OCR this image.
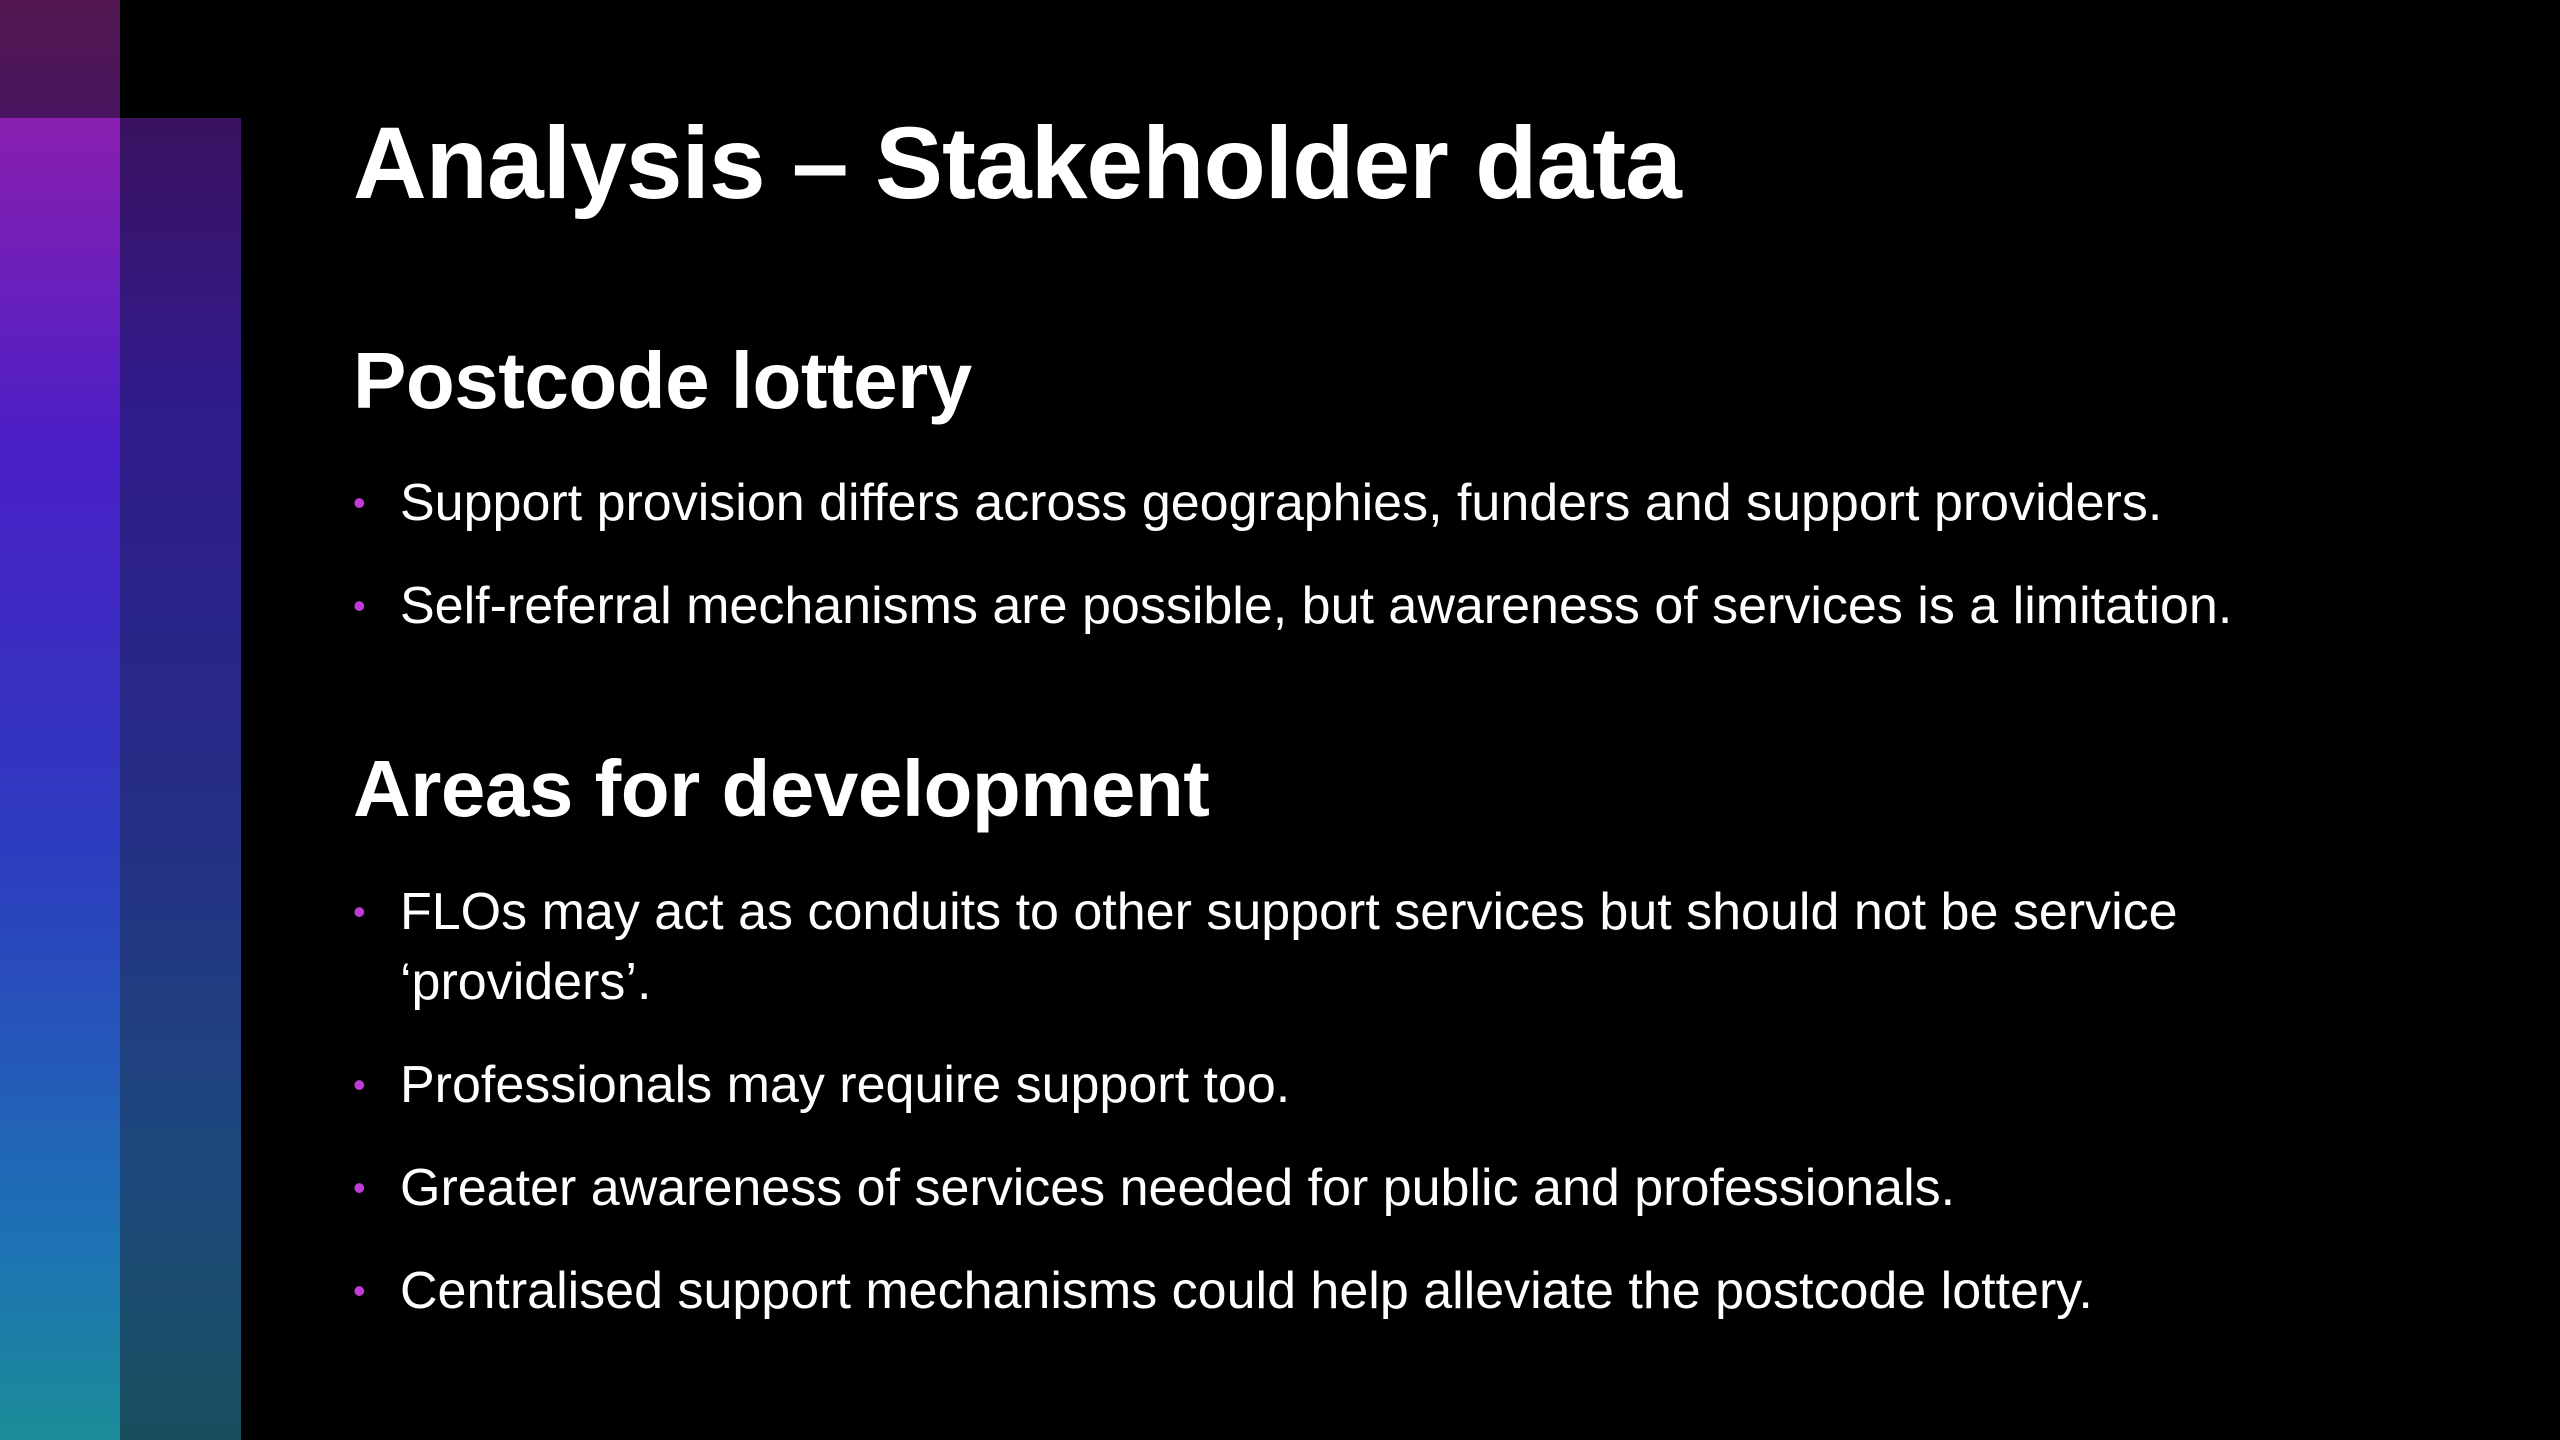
Analysis – Stakeholder data
Postcode lottery
• Support provision differs across geographies, funders and support providers.
• Self-referral mechanisms are possible, but awareness of services is a limitation.
Areas for development
• FLOs may act as conduits to other support services but should not be service ‘providers’.
• Professionals may require support too.
• Greater awareness of services needed for public and professionals.
• Centralised support mechanisms could help alleviate the postcode lottery.
